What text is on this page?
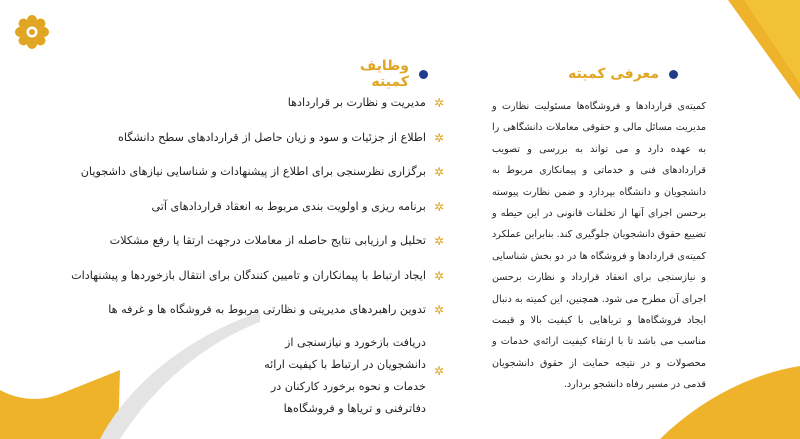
معرفی کمیته

کمیته‌ی قراردادها و فروشگاه‌ها مسئولیت نظارت و مدیریت مسائل مالی و حقوقی معاملات دانشگاهی را به عهده دارد و می تواند به بررسی و تصویب قراردادهای فنی و خدماتی و پیمانکاری مربوط به دانشجویان و دانشگاه بپردازد و ضمن نظارت پیوسته برحسن اجرای آنها از تخلفات قانونی در این حیطه و تضییع حقوق دانشجویان جلوگیری کند. بنابراین عملکرد کمیته‌ی قراردادها و فروشگاه ها در دو بخش شناسایی و نیازسنجی برای انعقاد قرارداد و نظارت برحسن اجرای آن مطرح می شود. همچنین، این کمیته به دنبال ایجاد فروشگاه‌ها و تریاهایی با کیفیت بالا و قیمت مناسب می باشد تا با ارتقاء کیفیت ارائه‌ی خدمات و محصولات و در نتیجه حمایت از حقوق دانشجویان قدمی در مسیر رفاه دانشجو بردارد.

وظایف کمیته
✲
مدیریت و نظارت بر قراردادها
✲
اطلاع از جزئیات و سود و زیان حاصل از قراردادهای سطح دانشگاه
✲
برگزاری نظرسنجی برای اطلاع از پیشنهادات و شناسایی نیازهای داشجویان
✲
برنامه ریزی و اولویت بندی مربوط به انعقاد قراردادهای آتی
✲
تحلیل و ارزیابی نتایج حاصله از معاملات درجهت ارتقا یا رفع مشکلات
✲
ایجاد ارتباط با پیمانکاران و تامیین کنندگان برای انتقال بازخوردها و پیشنهادات
✲
تدوین راهبردهای مدیریتی و نظارتی مربوط به فروشگاه ها و غرفه ها
✲
دریافت بازخورد و نیازسنجی از دانشجویان در ارتباط با کیفیت ارائه خدمات و نحوه برخورد کارکنان در دفاترفنی و تریاها و فروشگاه‌ها
